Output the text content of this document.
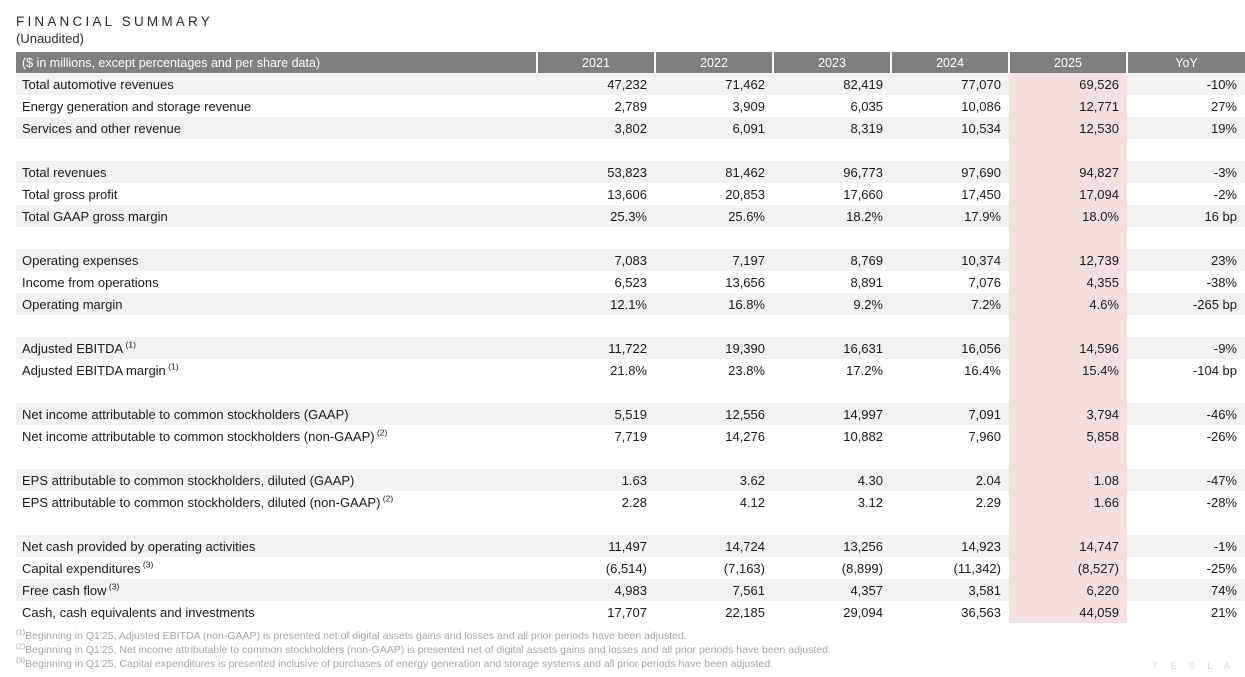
FINANCIAL SUMMARY
(Unaudited)
($ in millions, except percentages and per share data)	2021	2022	2023	2024	2025	YoY
Total automotive revenues	47,232	71,462	82,419	77,070	69,526	-10%
Energy generation and storage revenue	2,789	3,909	6,035	10,086	12,771	27%
Services and other revenue	3,802	6,091	8,319	10,534	12,530	19%

Total revenues	53,823	81,462	96,773	97,690	94,827	-3%
Total gross profit	13,606	20,853	17,660	17,450	17,094	-2%
Total GAAP gross margin	25.3%	25.6%	18.2%	17.9%	18.0%	16 bp

Operating expenses	7,083	7,197	8,769	10,374	12,739	23%
Income from operations	6,523	13,656	8,891	7,076	4,355	-38%
Operating margin	12.1%	16.8%	9.2%	7.2%	4.6%	-265 bp

Adjusted EBITDA $^{(1)}$	11,722	19,390	16,631	16,056	14,596	-9%
Adjusted EBITDA margin $^{(1)}$	21.8%	23.8%	17.2%	16.4%	15.4%	-104 bp

Net income attributable to common stockholders (GAAP)	5,519	12,556	14,997	7,091	3,794	-46%
Net income attributable to common stockholders (non-GAAP) $^{(2)}$	7,719	14,276	10,882	7,960	5,858	-26%

EPS attributable to common stockholders, diluted (GAAP)	1.63	3.62	4.30	2.04	1.08	-47%
EPS attributable to common stockholders, diluted (non-GAAP) $^{(2)}$	2.28	4.12	3.12	2.29	1.66	-28%

Net cash provided by operating activities	11,497	14,724	13,256	14,923	14,747	-1%
Capital expenditures $^{(3)}$	(6,514)	(7,163)	(8,899)	(11,342)	(8,527)	-25%
Free cash flow $^{(3)}$	4,983	7,561	4,357	3,581	6,220	74%
Cash, cash equivalents and investments	17,707	22,185	29,094	36,563	44,059	21%
$^{(1)}$Beginning in Q1'25, Adjusted EBITDA (non-GAAP) is presented net of digital assets gains and losses and all prior periods have been adjusted.
$^{(2)}$Beginning in Q1'25, Net income attributable to common stockholders (non-GAAP) is presented net of digital assets gains and losses and all prior periods have been adjusted.
$^{(3)}$Beginning in Q1'25, Capital expenditures is presented inclusive of purchases of energy generation and storage systems and all prior periods have been adjusted.	T E S L A
